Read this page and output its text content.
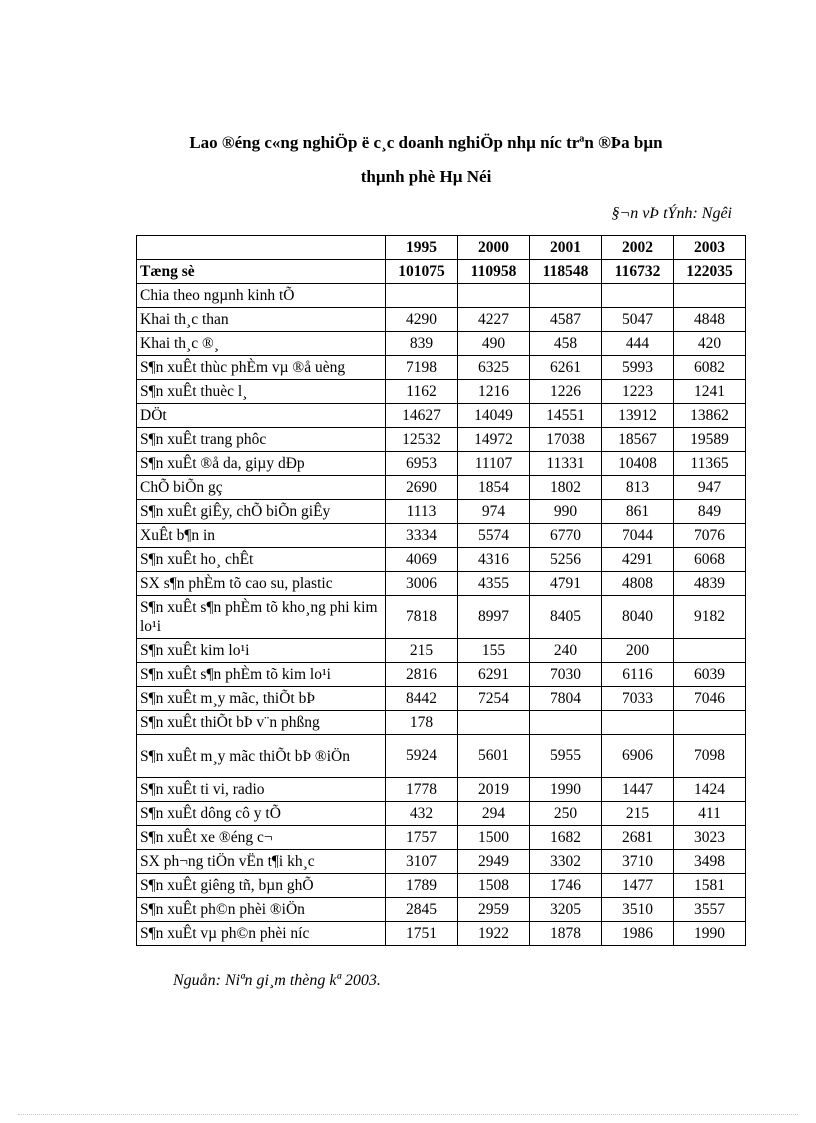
Lao ®éng c«ng nghiÖp ë c¸c doanh nghiÖp nhµ níc trªn ®Þa bµn
thµnh phè Hµ Néi
§¬n vÞ tÝnh: Ngêi
	1995	2000	2001	2002	2003
Tæng sè	101075	110958	118548	116732	122035
Chia theo ngµnh kinh tÕ					
Khai th¸c than	4290	4227	4587	5047	4848
Khai th¸c ®¸	839	490	458	444	420
S¶n xuÊt thùc phÈm vµ ®å uèng	7198	6325	6261	5993	6082
S¶n xuÊt thuèc l¸	1162	1216	1226	1223	1241
DÖt	14627	14049	14551	13912	13862
S¶n xuÊt trang phôc	12532	14972	17038	18567	19589
S¶n xuÊt ®å da, giµy dÐp	6953	11107	11331	10408	11365
ChÕ biÕn gç	2690	1854	1802	813	947
S¶n xuÊt giÊy, chÕ biÕn giÊy	1113	974	990	861	849
XuÊt b¶n in	3334	5574	6770	7044	7076
S¶n xuÊt ho¸ chÊt	4069	4316	5256	4291	6068
SX s¶n phÈm tõ cao su, plastic	3006	4355	4791	4808	4839
S¶n xuÊt s¶n phÈm tõ kho¸ng phi kim lo¹i	7818	8997	8405	8040	9182
S¶n xuÊt kim lo¹i	215	155	240	200	
S¶n xuÊt s¶n phÈm tõ kim lo¹i	2816	6291	7030	6116	6039
S¶n xuÊt m¸y mãc, thiÕt bÞ	8442	7254	7804	7033	7046
S¶n xuÊt thiÕt bÞ v¨n phßng	178				
S¶n xuÊt m¸y mãc thiÕt bÞ ®iÖn	5924	5601	5955	6906	7098
S¶n xuÊt ti vi, radio	1778	2019	1990	1447	1424
S¶n xuÊt dông cô y tÕ	432	294	250	215	411
S¶n xuÊt xe ®éng c¬	1757	1500	1682	2681	3023
SX ph¬ng tiÖn vËn t¶i kh¸c	3107	2949	3302	3710	3498
S¶n xuÊt giêng tñ, bµn ghÕ	1789	1508	1746	1477	1581
S¶n xuÊt ph©n phèi ®iÖn	2845	2959	3205	3510	3557
S¶n xuÊt vµ ph©n phèi níc	1751	1922	1878	1986	1990
Nguån: Niªn gi¸m thèng kª 2003.
